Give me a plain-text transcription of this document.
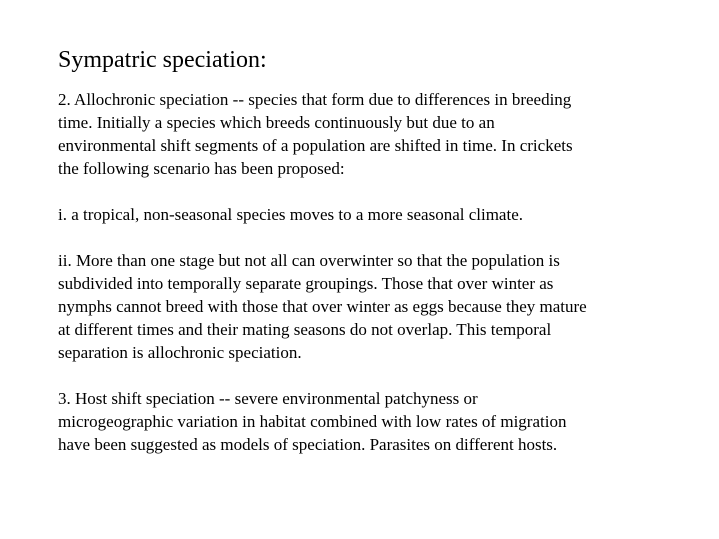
Sympatric speciation:
2. Allochronic speciation -- species that form due to differences in breeding
time. Initially a species which breeds continuously but due to an
environmental shift segments of a population are shifted in time. In crickets
the following scenario has been proposed:
i. a tropical, non-seasonal species moves to a more seasonal climate.
ii. More than one stage but not all can overwinter so that the population is
subdivided into temporally separate groupings. Those that over winter as
nymphs cannot breed with those that over winter as eggs because they mature
at different times and their mating seasons do not overlap. This temporal
separation is allochronic speciation.
3. Host shift speciation -- severe environmental patchyness or
microgeographic variation in habitat combined with low rates of migration
have been suggested as models of speciation. Parasites on different hosts.
